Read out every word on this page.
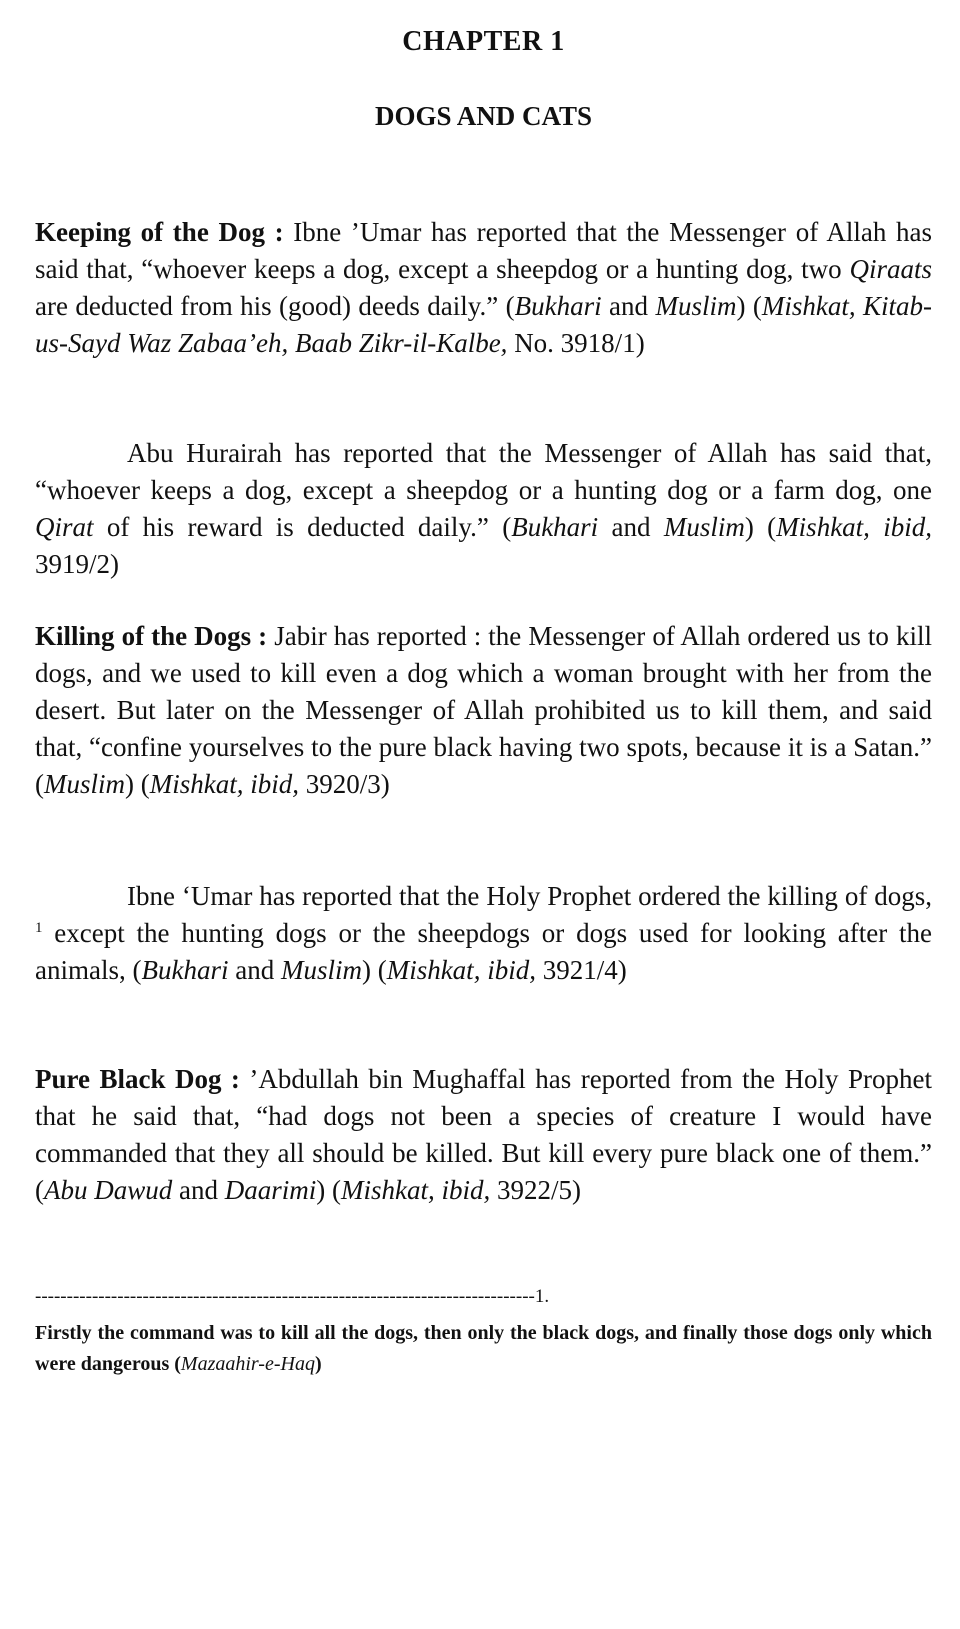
CHAPTER 1
DOGS AND CATS

Keeping of the Dog : Ibne ’Umar has reported that the Messenger of Allah has said that, “whoever keeps a dog, except a sheepdog or a hunting dog, two Qiraats are deducted from his (good) deeds daily.” (Bukhari and Muslim) (Mishkat, Kitab-us-Sayd Waz Zabaa’eh, Baab Zikr-il-Kalbe, No. 3918/1)

Abu Hurairah has reported that the Messenger of Allah has said that, “whoever keeps a dog, except a sheepdog or a hunting dog or a farm dog, one Qirat of his reward is deducted daily.” (Bukhari and Muslim) (Mishkat, ibid, 3919/2)

Killing of the Dogs : Jabir has reported : the Messenger of Allah ordered us to kill dogs, and we used to kill even a dog which a woman brought with her from the desert. But later on the Messenger of Allah prohibited us to kill them, and said that, “confine yourselves to the pure black having two spots, because it is a Satan.” (Muslim) (Mishkat, ibid, 3920/3)

Ibne ‘Umar has reported that the Holy Prophet ordered the killing of dogs, $^1$ except the hunting dogs or the sheepdogs or dogs used for looking after the animals, (Bukhari and Muslim) (Mishkat, ibid, 3921/4)

Pure Black Dog : ’Abdullah bin Mughaffal has reported from the Holy Prophet that he said that, “had dogs not been a species of creature I would have commanded that they all should be killed. But kill every pure black one of them.” (Abu Dawud and Daarimi) (Mishkat, ibid, 3922/5)

-------------------------------------------------------------------------------1.

Firstly the command was to kill all the dogs, then only the black dogs, and finally those dogs only which were dangerous (Mazaahir-e-Haq)
